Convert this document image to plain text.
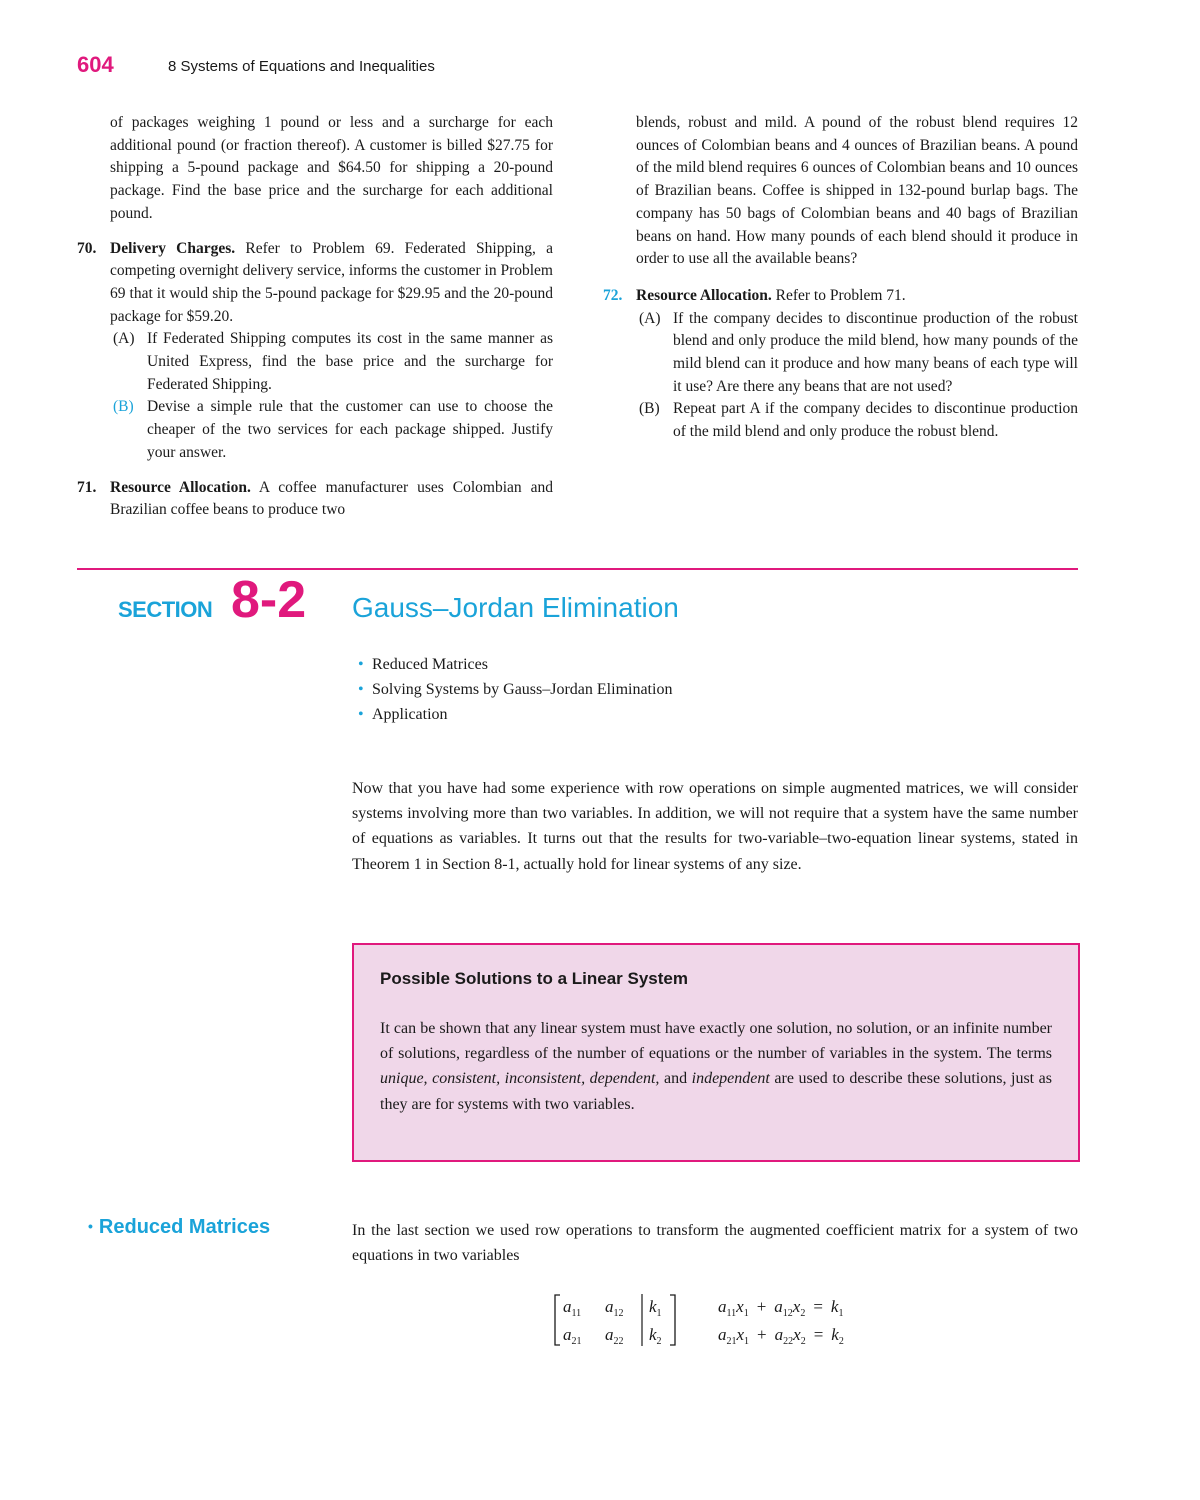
604	8 Systems of Equations and Inequalities

of packages weighing 1 pound or less and a surcharge for each additional pound (or fraction thereof). A customer is billed $27.75 for shipping a 5-pound package and $64.50 for shipping a 20-pound package. Find the base price and the surcharge for each additional pound.

70. Delivery Charges. Refer to Problem 69. Federated Shipping, a competing overnight delivery service, informs the customer in Problem 69 that it would ship the 5-pound package for $29.95 and the 20-pound package for $59.20.

(A) If Federated Shipping computes its cost in the same manner as United Express, find the base price and the surcharge for Federated Shipping.
(B) Devise a simple rule that the customer can use to choose the cheaper of the two services for each package shipped. Justify your answer.

71. Resource Allocation. A coffee manufacturer uses Colombian and Brazilian coffee beans to produce two

blends, robust and mild. A pound of the robust blend requires 12 ounces of Colombian beans and 4 ounces of Brazilian beans. A pound of the mild blend requires 6 ounces of Colombian beans and 10 ounces of Brazilian beans. Coffee is shipped in 132-pound burlap bags. The company has 50 bags of Colombian beans and 40 bags of Brazilian beans on hand. How many pounds of each blend should it produce in order to use all the available beans?

72. Resource Allocation. Refer to Problem 71.

(A) If the company decides to discontinue production of the robust blend and only produce the mild blend, how many pounds of the mild blend can it produce and how many beans of each type will it use? Are there any beans that are not used?
(B) Repeat part A if the company decides to discontinue production of the mild blend and only produce the robust blend.

SECTION 8-2 Gauss–Jordan Elimination
• Reduced Matrices
• Solving Systems by Gauss–Jordan Elimination
• Application

Now that you have had some experience with row operations on simple augmented matrices, we will consider systems involving more than two variables. In addition, we will not require that a system have the same number of equations as variables. It turns out that the results for two-variable–two-equation linear systems, stated in Theorem 1 in Section 8-1, actually hold for linear systems of any size.

Possible Solutions to a Linear System

It can be shown that any linear system must have exactly one solution, no solution, or an infinite number of solutions, regardless of the number of equations or the number of variables in the system. The terms unique, consistent, inconsistent, dependent, and independent are used to describe these solutions, just as they are for systems with two variables.

• Reduced Matrices	In the last section we used row operations to transform the augmented coefficient matrix for a system of two equations in two variables

$a_{11}$ $a_{12}$ $k_1$
$a_{21}$ $a_{22}$ $k_2$
$a_{11}x_1 + a_{12}x_2 = k_1$
$a_{21}x_1 + a_{22}x_2 = k_2$
